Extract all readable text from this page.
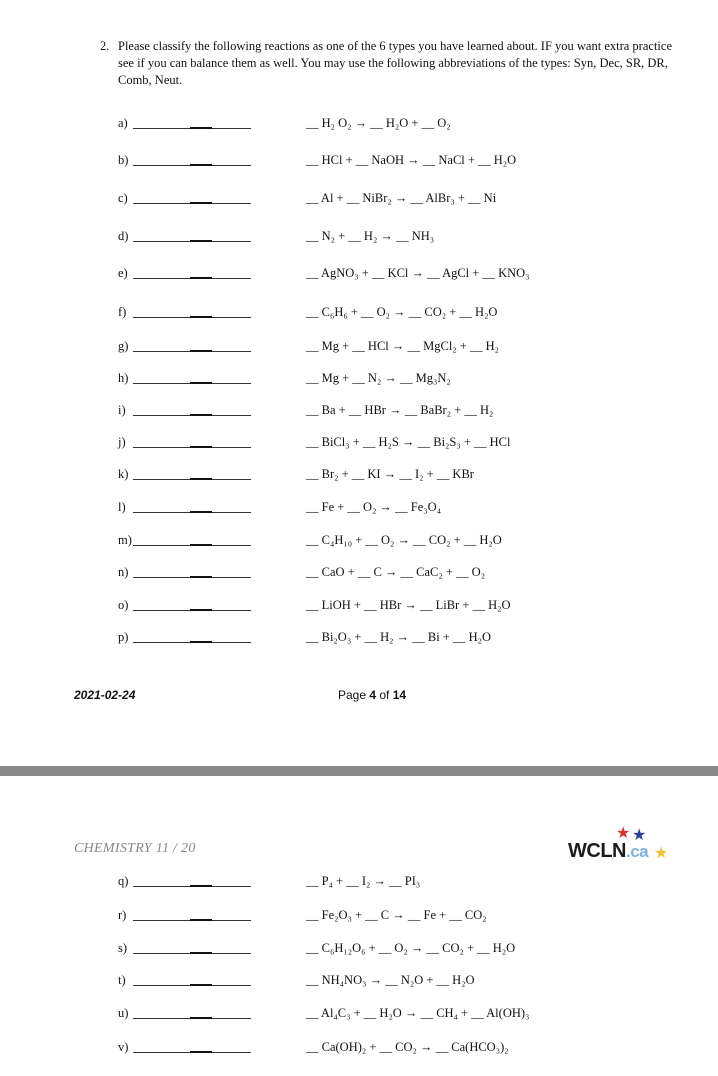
2. Please classify the following reactions as one of the 6 types you have learned about. IF you want extra practice see if you can balance them as well. You may use the following abbreviations of the types: Syn, Dec, SR, DR, Comb, Neut.
a)	__ H₂ O₂ → __ H₂O + __ O₂
b)	__ HCl + __ NaOH → __ NaCl + __ H₂O
c)	__ Al + __ NiBr₂ → __ AlBr₃ + __ Ni
d)	__ N₂ + __ H₂ → __ NH₃
e)	__ AgNO₃ + __ KCl → __ AgCl + __ KNO₃
f)	__ C₆H₆ + __ O₂ → __ CO₂ + __ H₂O
g)	__ Mg + __ HCl → __ MgCl₂ + __ H₂
h)	__ Mg + __ N₂ → __ Mg₃N₂
i)	__ Ba + __ HBr → __ BaBr₂ + __ H₂
j)	__ BiCl₃ + __ H₂S → __ Bi₂S₃ + __ HCl
k)	__ Br₂ + __ KI → __ I₂ + __ KBr
l)	__ Fe + __ O₂ → __ Fe₃O₄
m)	__ C₄H₁₀ + __ O₂ → __ CO₂ + __ H₂O
n)	__ CaO + __ C → __ CaC₂ + __ O₂
o)	__ LiOH + __ HBr → __ LiBr + __ H₂O
p)	__ Bi₂O₃ + __ H₂ → __ Bi + __ H₂O
2021-02-24	Page 4 of 14
CHEMISTRY 11 / 20
★ ★
★
WCLN.ca
q)	__ P₄ + __ I₂ → __ PI₃
r)	__ Fe₂O₃ + __ C → __ Fe + __ CO₂
s)	__ C₆H₁₂O₆ + __ O₂ → __ CO₂ + __ H₂O
t)	__ NH₄NO₃ → __ N₂O + __ H₂O
u)	__ Al₄C₃ + __ H₂O → __ CH₄ + __ Al(OH)₃
v)	__ Ca(OH)₂ + __ CO₂ → __ Ca(HCO₃)₂
